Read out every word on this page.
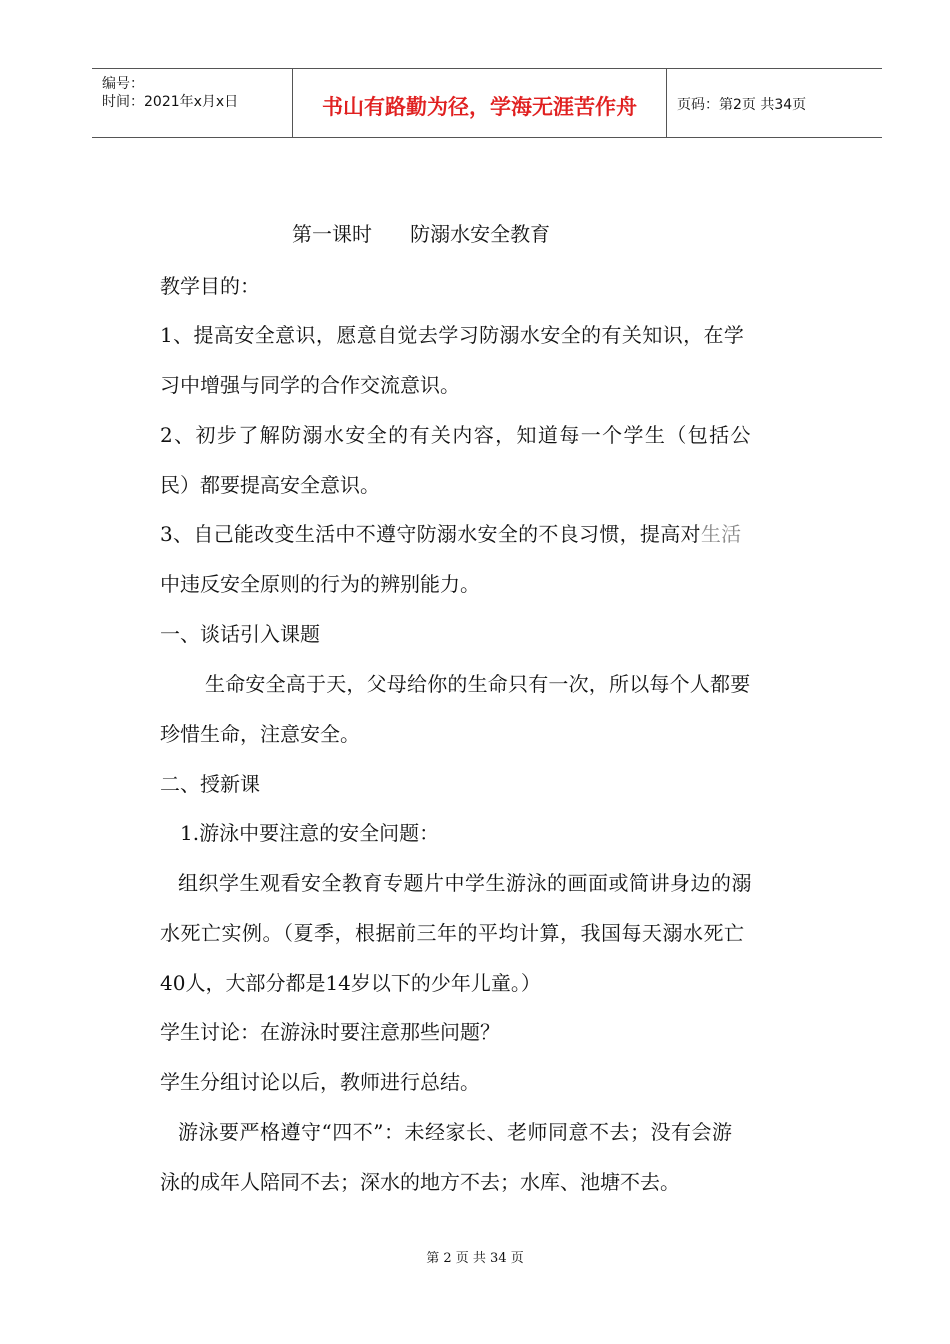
编号：
时间：2021年x月x日	书山有路勤为径，学海无涯苦作舟	页码：第2页 共34页
第一课时      防溺水安全教育
教学目的：
1、提高安全意识，愿意自觉去学习防溺水安全的有关知识，在学
习中增强与同学的合作交流意识。
2、初步了解防溺水安全的有关内容，知道每一个学生（包括公
民）都要提高安全意识。
3、自己能改变生活中不遵守防溺水安全的不良习惯，提高对生活
中违反安全原则的行为的辨别能力。
一、谈话引入课题
生命安全高于天，父母给你的生命只有一次，所以每个人都要
珍惜生命，注意安全。
二、授新课
1.游泳中要注意的安全问题：
组织学生观看安全教育专题片中学生游泳的画面或简讲身边的溺
水死亡实例。（夏季，根据前三年的平均计算，我国每天溺水死亡
40人，大部分都是14岁以下的少年儿童。）
学生讨论：在游泳时要注意那些问题？
学生分组讨论以后，教师进行总结。
游泳要严格遵守“四不”：未经家长、老师同意不去；没有会游
泳的成年人陪同不去；深水的地方不去；水库、池塘不去。
第 2 页 共 34 页
